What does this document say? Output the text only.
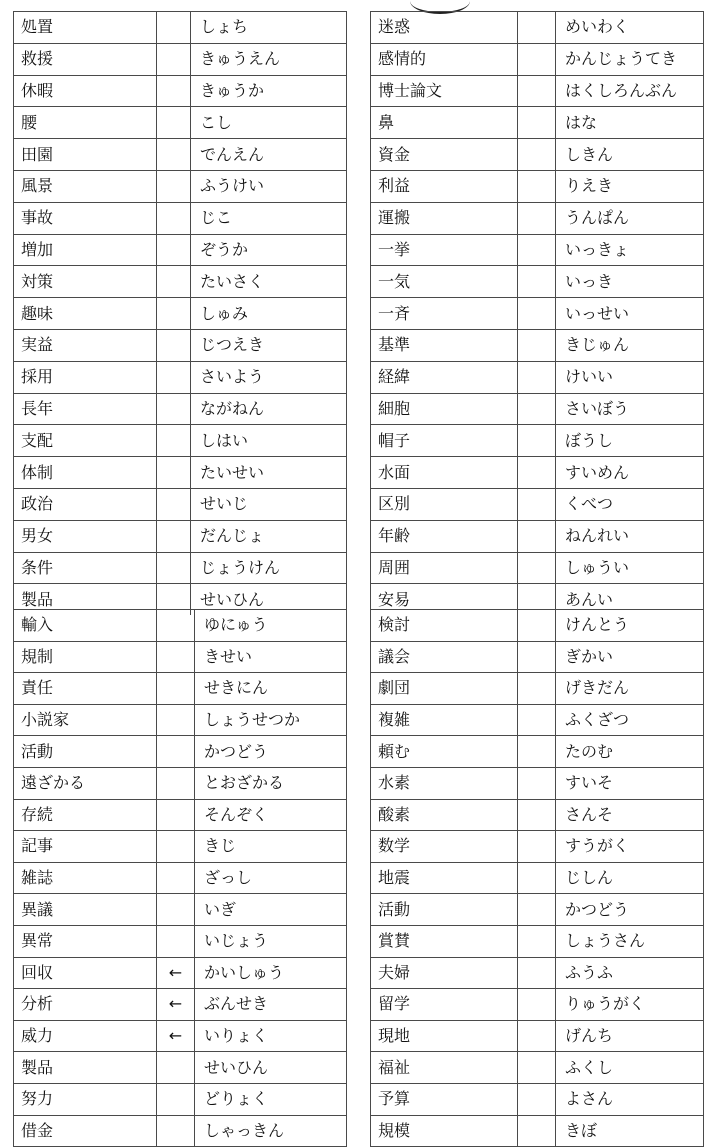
処置		しょち
救援		きゅうえん
休暇		きゅうか
腰		こし
田園		でんえん
風景		ふうけい
事故		じこ
増加		ぞうか
対策		たいさく
趣味		しゅみ
実益		じつえき
採用		さいよう
長年		ながねん
支配		しはい
体制		たいせい
政治		せいじ
男女		だんじょ
条件		じょうけん
製品		せいひん
迷惑		めいわく
感情的		かんじょうてき
博士論文		はくしろんぶん
鼻		はな
資金		しきん
利益		りえき
運搬		うんぱん
一挙		いっきょ
一気		いっき
一斉		いっせい
基準		きじゅん
経緯		けいい
細胞		さいぼう
帽子		ぼうし
水面		すいめん
区別		くべつ
年齢		ねんれい
周囲		しゅうい
安易		あんい
輸入		ゆにゅう
規制		きせい
責任		せきにん
小説家		しょうせつか
活動		かつどう
遠ざかる		とおざかる
存続		そんぞく
記事		きじ
雑誌		ざっし
異議		いぎ
異常		いじょう
回収	←	かいしゅう
分析	←	ぶんせき
威力	←	いりょく
製品		せいひん
努力		どりょく
借金		しゃっきん
検討		けんとう
議会		ぎかい
劇団		げきだん
複雑		ふくざつ
頼む		たのむ
水素		すいそ
酸素		さんそ
数学		すうがく
地震		じしん
活動		かつどう
賞賛		しょうさん
夫婦		ふうふ
留学		りゅうがく
現地		げんち
福祉		ふくし
予算		よさん
規模		きぼ
